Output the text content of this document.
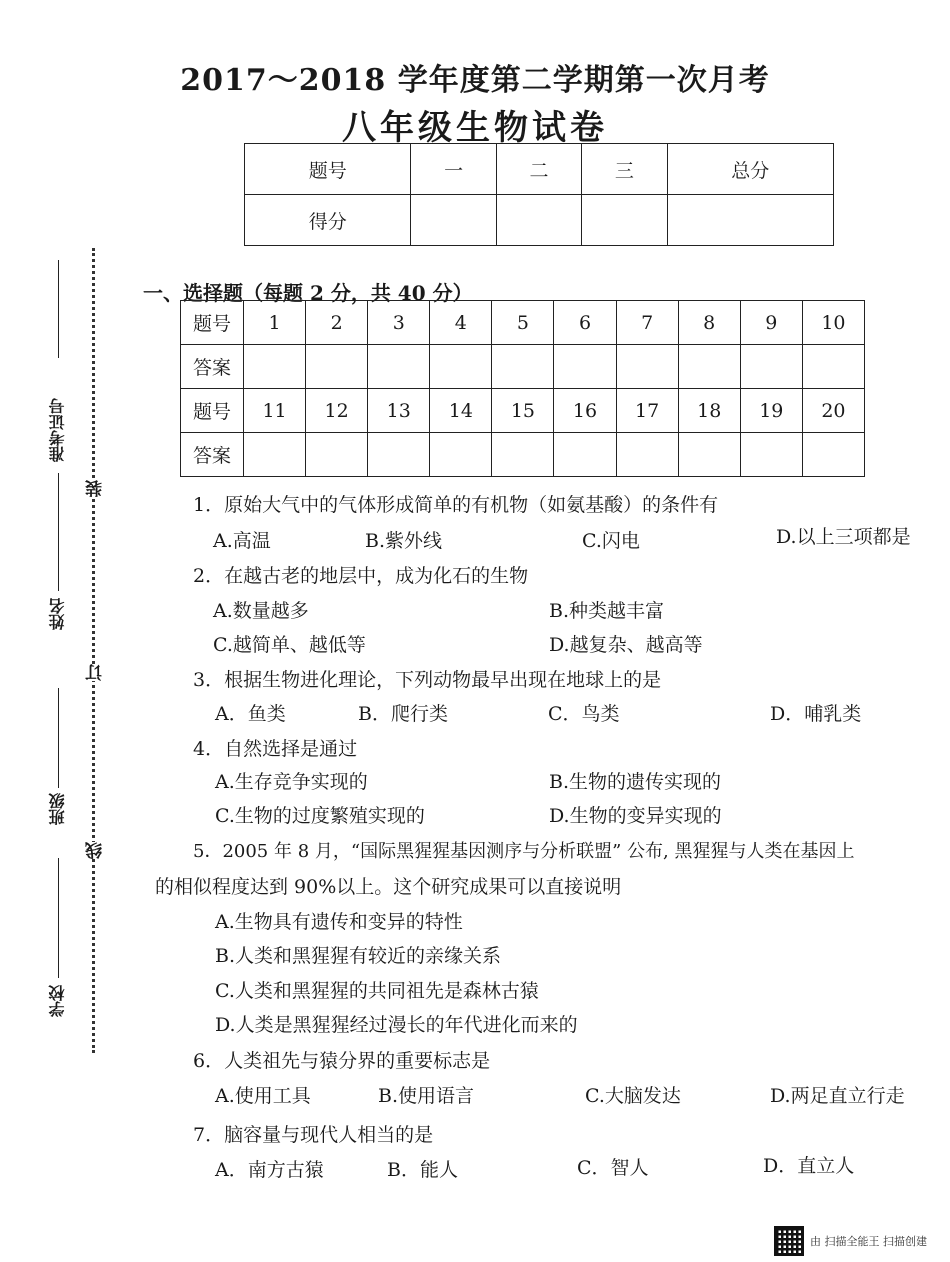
2017～2018 学年度第二学期第一次月考
八年级生物试卷
题号	一	二	三	总分
得分				
一、选择题（每题 2 分，共 40 分）
题号	1	2	3	4	5	6	7	8	9	10
答案										
题号	11	12	13	14	15	16	17	18	19	20
答案										
1．原始大气中的气体形成简单的有机物（如氨基酸）的条件有
A.高温	B.紫外线	C.闪电	D.以上三项都是
2．在越古老的地层中，成为化石的生物
A.数量越多	B.种类越丰富
C.越简单、越低等	D.越复杂、越高等
3．根据生物进化理论，下列动物最早出现在地球上的是
A．鱼类	B．爬行类	C．鸟类	D．哺乳类
4．自然选择是通过
A.生存竞争实现的	B.生物的遗传实现的
C.生物的过度繁殖实现的	D.生物的变异实现的
5．2005 年 8 月，“国际黑猩猩基因测序与分析联盟” 公布, 黑猩猩与人类在基因上
的相似程度达到 90%以上。这个研究成果可以直接说明
A.生物具有遗传和变异的特性
B.人类和黑猩猩有较近的亲缘关系
C.人类和黑猩猩的共同祖先是森林古猿
D.人类是黑猩猩经过漫长的年代进化而来的
6．人类祖先与猿分界的重要标志是
A.使用工具	B.使用语言	C.大脑发达	D.两足直立行走
7．脑容量与现代人相当的是
A．南方古猿	B．能人	C．智人	D．直立人
准考证号
姓名
班级
学校
装
订
线
由 扫描全能王 扫描创建
